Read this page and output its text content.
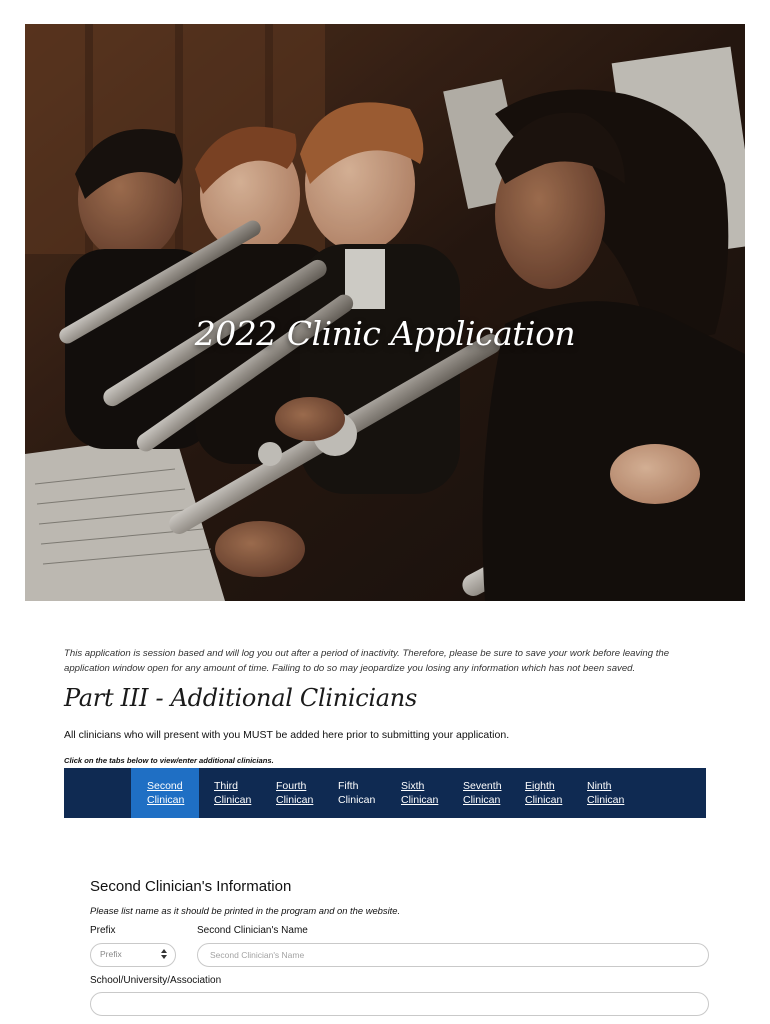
2022 Clinic Application
This application is session based and will log you out after a period of inactivity. Therefore, please be sure to save your work before leaving the application window open for any amount of time. Failing to do so may jeopardize you losing any information which has not been saved.
Part III - Additional Clinicians
All clinicians who will present with you MUST be added here prior to submitting your application.
Click on the tabs below to view/enter additional clinicians.
Second
Clinican
Third
Clinican
Fourth
Clinican
Fifth
Clinican
Sixth
Clinican
Seventh
Clinican
Eighth
Clinican
Ninth
Clinican
Second Clinician's Information
Please list name as it should be printed in the program and on the website.
Prefix	Second Clinician's Name
Prefix
Second Clinician's Name
School/University/Association
